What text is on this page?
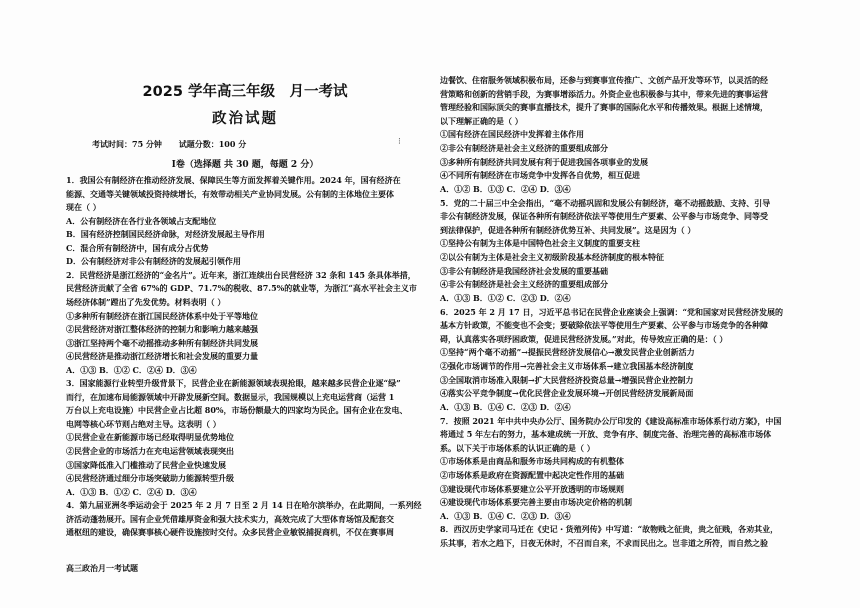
2025 学年高三年级　月一考试
政治试题
考试时间：75 分钟 试题分数：100 分	⁝
Ⅰ卷（选择题 共 30 题，每题 2 分）
1．我国公有制经济在推动经济发展、保障民生等方面发挥着关键作用。2024 年，国有经济在
能源、交通等关键领域投资持续增长，有效带动相关产业协同发展。公有制的主体地位主要体
现在（ ）
A．公有制经济在各行业各领域占支配地位
B．国有经济控制国民经济命脉，对经济发展起主导作用
C．混合所有制经济中，国有成分占优势
D．公有制经济对非公有制经济的发展起引领作用
2．民营经济是浙江经济的“金名片”。近年来，浙江连续出台民营经济 32 条和 145 条具体举措，
民营经济贡献了全省 67%的 GDP、71.7%的税收、87.5%的就业等，为浙江“高水平社会主义市
场经济体制”蹚出了先发优势。材料表明（ ）
①多种所有制经济在浙江国民经济体系中处于平等地位
②民营经济对浙江整体经济的控制力和影响力越来越强
③浙江坚持两个毫不动摇推动多种所有制经济共同发展
④民营经济是推动浙江经济增长和社会发展的重要力量
A．①③ B．①② C．②④ D．③④
3．国家能源行业转型升级背景下，民营企业在新能源领域表现抢眼，越来越多民营企业逐“绿”
而行，在加速布局能源领域中开辟发展新空间。数据显示，我国规模以上充电运营商（运营 1
万台以上充电设施）中民营企业占比超 80%，市场份额最大的四家均为民企。国有企业在发电、
电网等核心环节则占绝对主导。这表明（ ）
①民营企业在新能源市场已经取得明显优势地位
②民营企业的市场活力在充电运营领域表现突出
③国家降低准入门槛推动了民营企业快速发展
④民营经济通过细分市场突破助力能源转型升级
A．①③ B．①② C．②④ D．③④
4．第九届亚洲冬季运动会于 2025 年 2 月 7 日至 2 月 14 日在哈尔滨举办，在此期间，一系列经
济活动蓬勃展开。国有企业凭借雄厚资金和强大技术实力，高效完成了大型体育场馆及配套交
通枢纽的建设，确保赛事核心硬件设施按时交付。众多民营企业敏锐捕捉商机，不仅在赛事周
边餐饮、住宿服务领域积极布局，还参与到赛事宣传推广、文创产品开发等环节，以灵活的经
营策略和创新的营销手段，为赛事增添活力。外资企业也积极参与其中，带来先进的赛事运营
管理经验和国际顶尖的赛事直播技术，提升了赛事的国际化水平和传播效果。根据上述情境，
以下理解正确的是（ ）
①国有经济在国民经济中发挥着主体作用
②非公有制经济是社会主义经济的重要组成部分
③多种所有制经济共同发展有利于促进我国各项事业的发展
④不同所有制经济在市场竞争中发挥各自优势，相互促进
A．①② B．①③ C．②④ D．③④
5．党的二十届三中全会指出，“毫不动摇巩固和发展公有制经济，毫不动摇鼓励、支持、引导
非公有制经济发展，保证各种所有制经济依法平等使用生产要素、公平参与市场竞争、同等受
到法律保护，促进各种所有制经济优势互补、共同发展”。这是因为（ ）
①坚持公有制为主体是中国特色社会主义制度的重要支柱
②以公有制为主体是社会主义初级阶段基本经济制度的根本特征
③非公有制经济是我国经济社会发展的重要基础
④非公有制经济是社会主义经济的重要组成部分
A．①③ B．①② C．②③ D．②④
6．2025 年 2 月 17 日，习近平总书记在民营企业座谈会上强调：“党和国家对民营经济发展的
基本方针政策，不能变也不会变；要破除依法平等使用生产要素、公平参与市场竞争的各种障
碍，认真落实各项纾困政策，促进民营经济发展。”对此，传导效应正确的是：（ ）
①坚持“两个毫不动摇”→提振民营经济发展信心→激发民营企业创新活力
②强化市场调节的作用→完善社会主义市场体系→建立我国基本经济制度
③全国取消市场准入限制→扩大民营经济投资总量→增强民营企业控制力
④落实公平竞争制度→优化民营企业发展环境→开创民营经济发展新局面
A．①③ B．①④ C．②③ D．②④
7．按照 2021 年中共中央办公厅、国务院办公厅印发的《建设高标准市场体系行动方案》，中国
将通过 5 年左右的努力，基本建成统一开放、竞争有序、制度完备、治理完善的高标准市场体
系。以下关于市场体系的认识正确的是（ ）
①市场体系是由商品和服务市场共同构成的有机整体
②市场体系是政府在资源配置中起决定性作用的基础
③建设现代市场体系要建立公平开放透明的市场规则
④建设现代市场体系要完善主要由市场决定价格的机制
A．①③ B．①④ C．②③ D．③④
8．西汉历史学家司马迁在《史记・货殖列传》中写道：“故物贱之征贵，贵之征贱，各劝其业，
乐其事，若水之趋下，日夜无休时，不召而自来，不求而民出之。岂非道之所符，而自然之验
高三政治月一考试题
